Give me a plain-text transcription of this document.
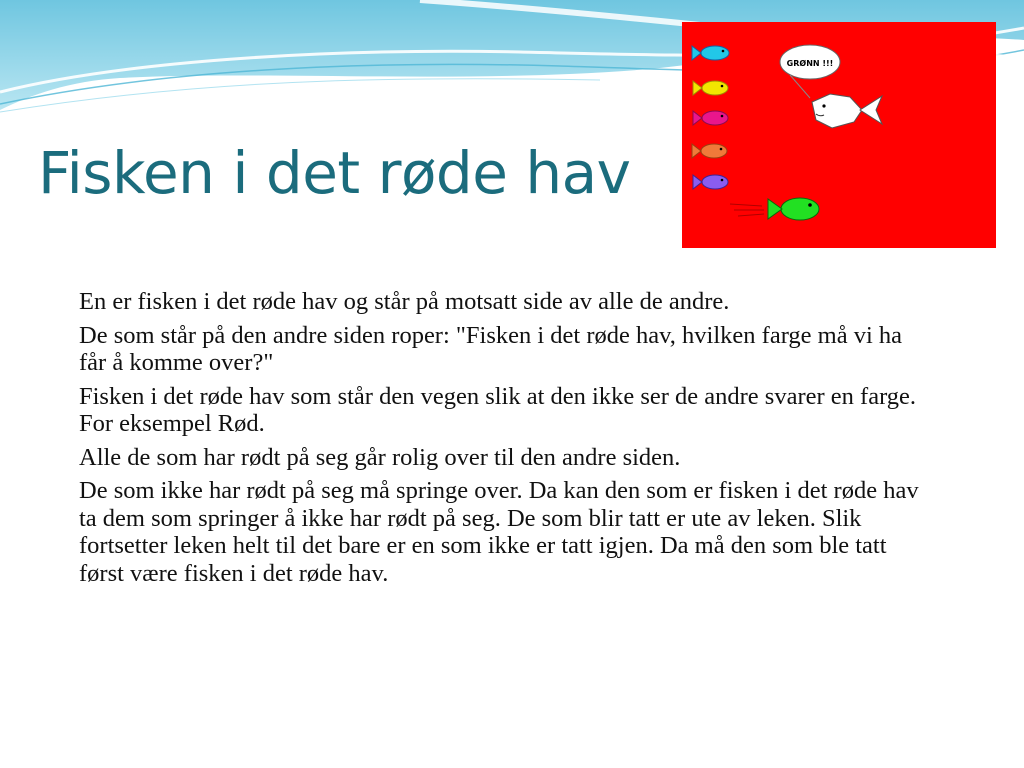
Fisken i det røde hav
GRØNN !!!

En er fisken i det røde hav og står på motsatt side av alle de andre.

De som står på den andre siden roper: "Fisken i det røde hav, hvilken farge må vi ha får å komme over?"

Fisken i det røde hav som står den vegen slik at den ikke ser de andre svarer en farge. For eksempel Rød.

Alle de som har rødt på seg går rolig over til den andre siden.

De som ikke har rødt på seg må springe over. Da kan den som er fisken i det røde hav ta dem som springer å ikke har rødt på seg. De som blir tatt er ute av leken. Slik fortsetter leken helt til det bare er en som ikke er tatt igjen. Da må den som ble tatt først være fisken i det røde hav.
